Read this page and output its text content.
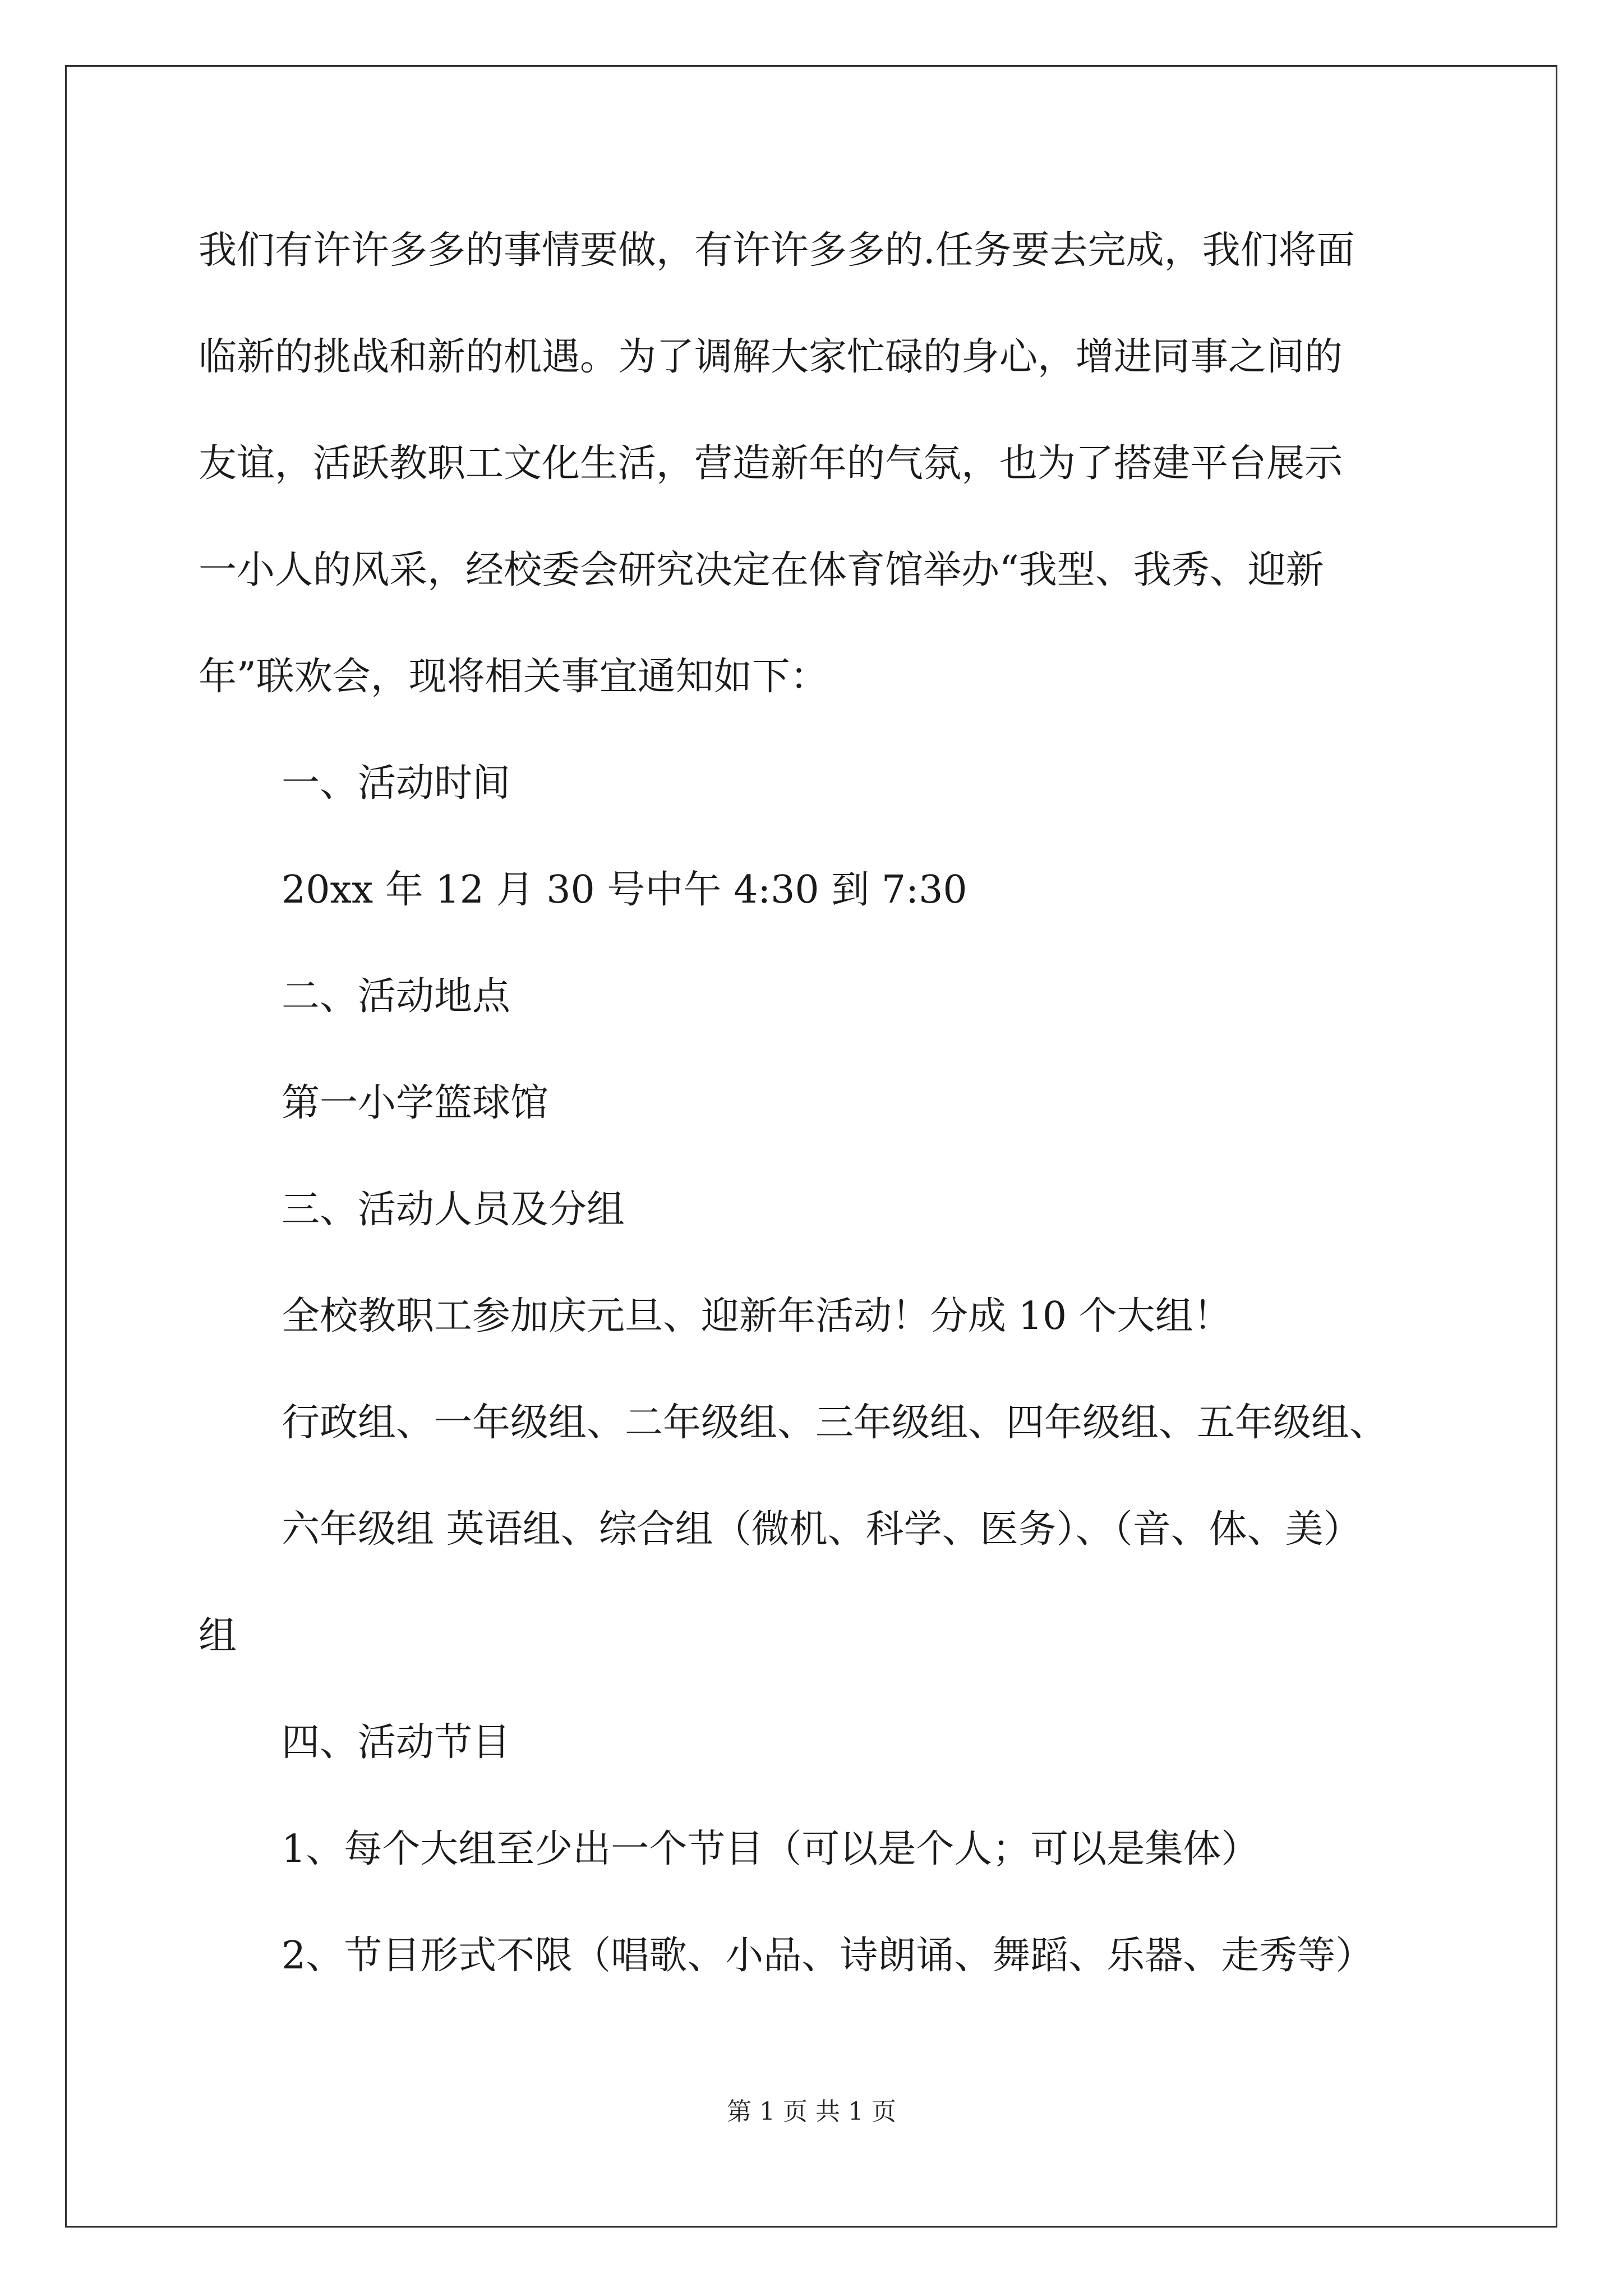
我们有许许多多的事情要做，有许许多多的.任务要去完成，我们将面
临新的挑战和新的机遇。为了调解大家忙碌的身心，增进同事之间的
友谊，活跃教职工文化生活，营造新年的气氛，也为了搭建平台展示
一小人的风采，经校委会研究决定在体育馆举办“我型、我秀、迎新
年”联欢会，现将相关事宜通知如下：
一、活动时间
20xx 年 12 月 30 号中午 4:30 到 7:30
二、活动地点
第一小学篮球馆
三、活动人员及分组
全校教职工参加庆元旦、迎新年活动！分成 10 个大组！
行政组、一年级组、二年级组、三年级组、四年级组、五年级组、
六年级组 英语组、综合组（微机、科学、医务）、（音、体、美）
组
四、活动节目
1、每个大组至少出一个节目（可以是个人；可以是集体）
2、节目形式不限（唱歌、小品、诗朗诵、舞蹈、乐器、走秀等）
第 1 页 共 1 页
